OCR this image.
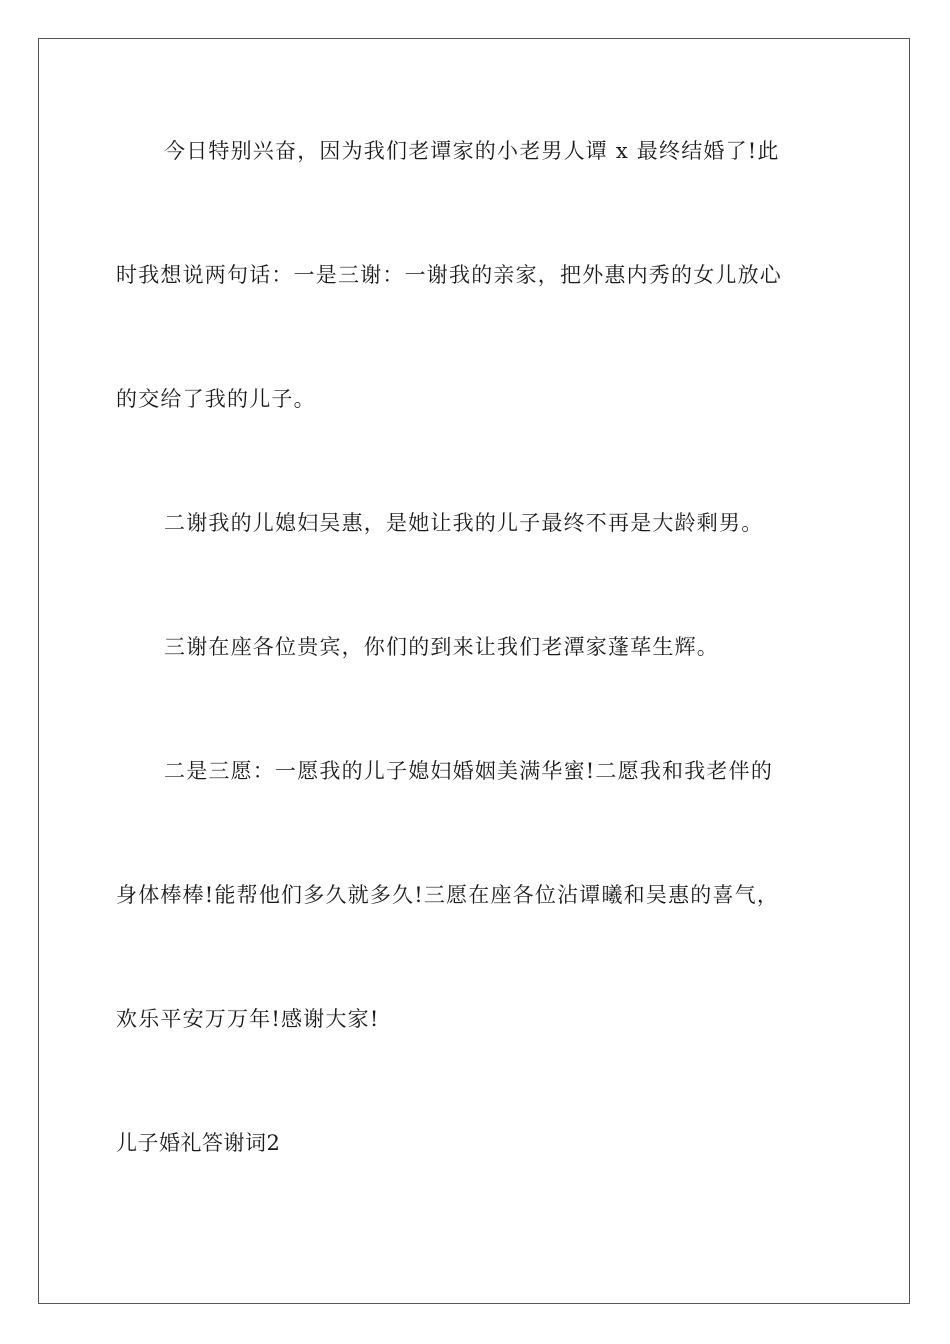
今日特别兴奋，因为我们老谭家的小老男人谭 x 最终结婚了!此
时我想说两句话：一是三谢：一谢我的亲家，把外惠内秀的女儿放心
的交给了我的儿子。
二谢我的儿媳妇吴惠，是她让我的儿子最终不再是大龄剩男。
三谢在座各位贵宾，你们的到来让我们老潭家蓬荜生辉。
二是三愿：一愿我的儿子媳妇婚姻美满华蜜!二愿我和我老伴的
身体棒棒!能帮他们多久就多久!三愿在座各位沾谭曦和吴惠的喜气，
欢乐平安万万年!感谢大家!
儿子婚礼答谢词2
